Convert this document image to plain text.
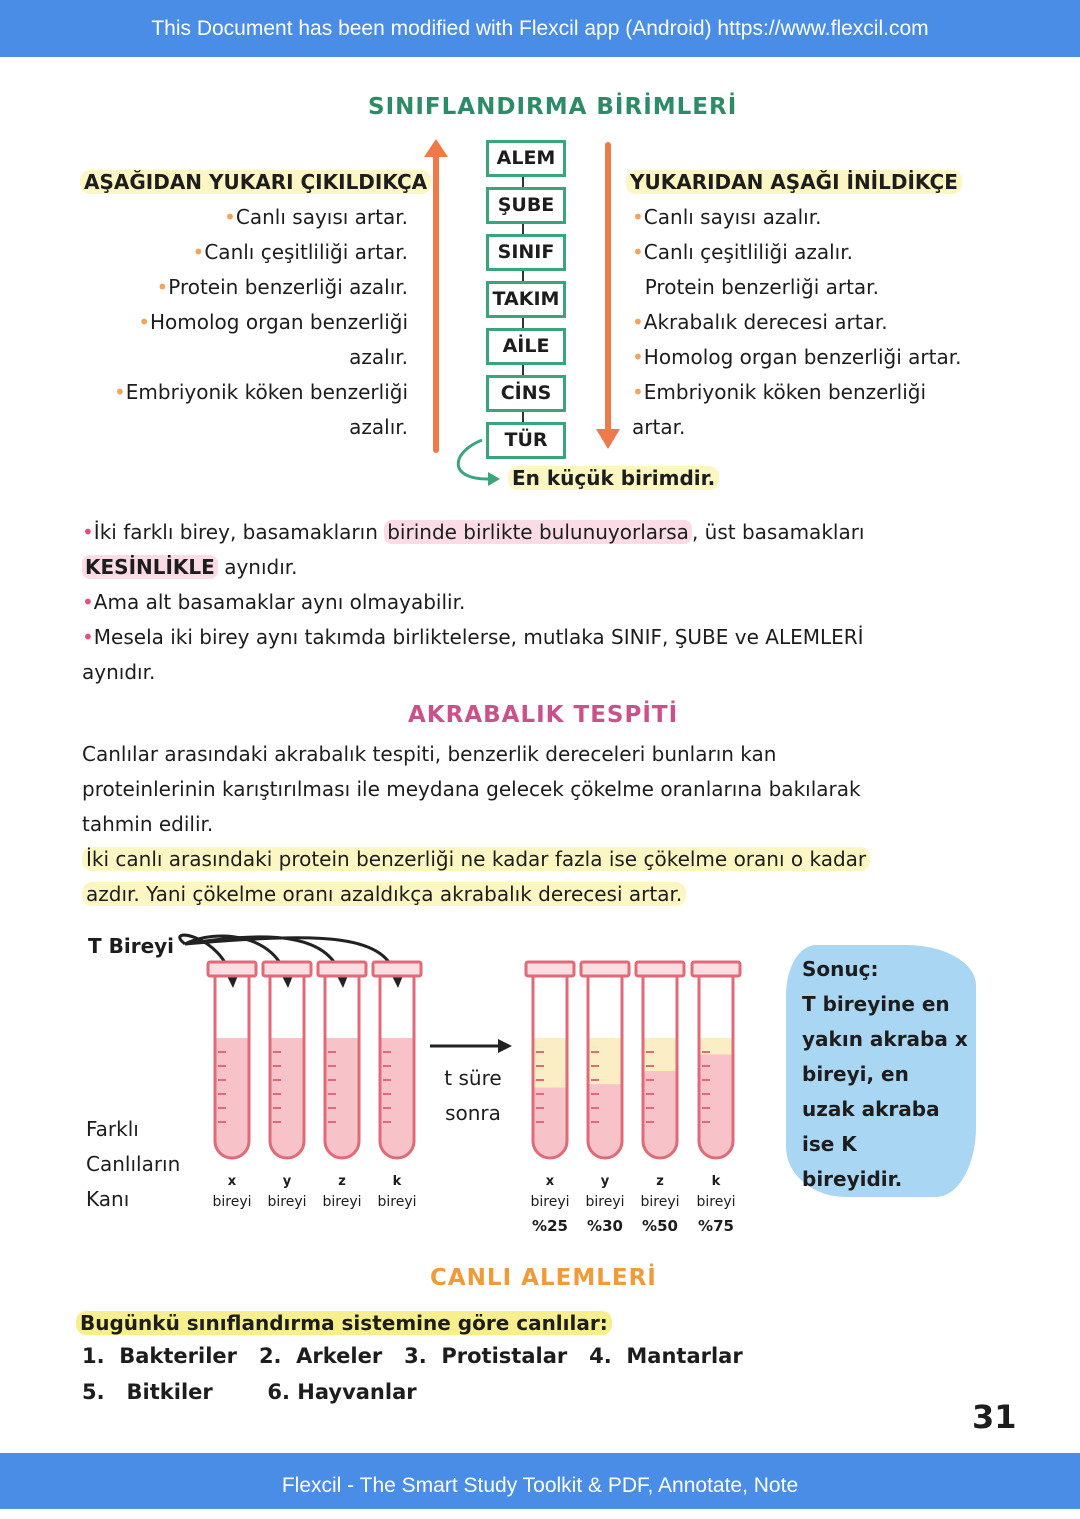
This Document has been modified with Flexcil app (Android) https://www.flexcil.com
SINIFLANDIRMA BİRİMLERİ
AŞAĞIDAN YUKARI ÇIKILDIKÇA
•Canlı sayısı artar.
•Canlı çeşitliliği artar.
•Protein benzerliği azalır.
•Homolog organ benzerliği
azalır.
•Embriyonik köken benzerliği
azalır.
ALEM
ŞUBE
SINIF
TAKIM
AİLE
CİNS
TÜR
En küçük birimdir.
YUKARIDAN AŞAĞI İNİLDİKÇE
•Canlı sayısı azalır.
•Canlı çeşitliliği azalır.
Protein benzerliği artar.
•Akrabalık derecesi artar.
•Homolog organ benzerliği artar.
•Embriyonik köken benzerliği
artar.
•İki farklı birey, basamakların birinde birlikte bulunuyorlarsa , üst basamakları
KESİNLİKLE aynıdır.
•Ama alt basamaklar aynı olmayabilir.
•Mesela iki birey aynı takımda birliktelerse, mutlaka SINIF, ŞUBE ve ALEMLERİ
aynıdır.
AKRABALIK TESPİTİ
Canlılar arasındaki akrabalık tespiti, benzerlik dereceleri bunların kan
proteinlerinin karıştırılması ile meydana gelecek çökelme oranlarına bakılarak
tahmin edilir.
İki canlı arasındaki protein benzerliği ne kadar fazla ise çökelme oranı o kadar
azdır. Yani çökelme oranı azaldıkça akrabalık derecesi artar.
T Bireyi
Farklı
Canlıların
Kanı
t süre
sonra
x
bireyi
y
bireyi
z
bireyi
k
bireyi
x
bireyi
%25
y
bireyi
%30
z
bireyi
%50
k
bireyi
%75
Sonuç:
T bireyine en
yakın akraba x
bireyi, en
uzak akraba
ise K
bireyidir.
CANLI ALEMLERİ
Bugünkü sınıflandırma sistemine göre canlılar:
1. Bakteriler 2. Arkeler 3. Protistalar 4. Mantarlar
5. Bitkiler	6. Hayvanlar
31
Flexcil - The Smart Study Toolkit & PDF, Annotate, Note
